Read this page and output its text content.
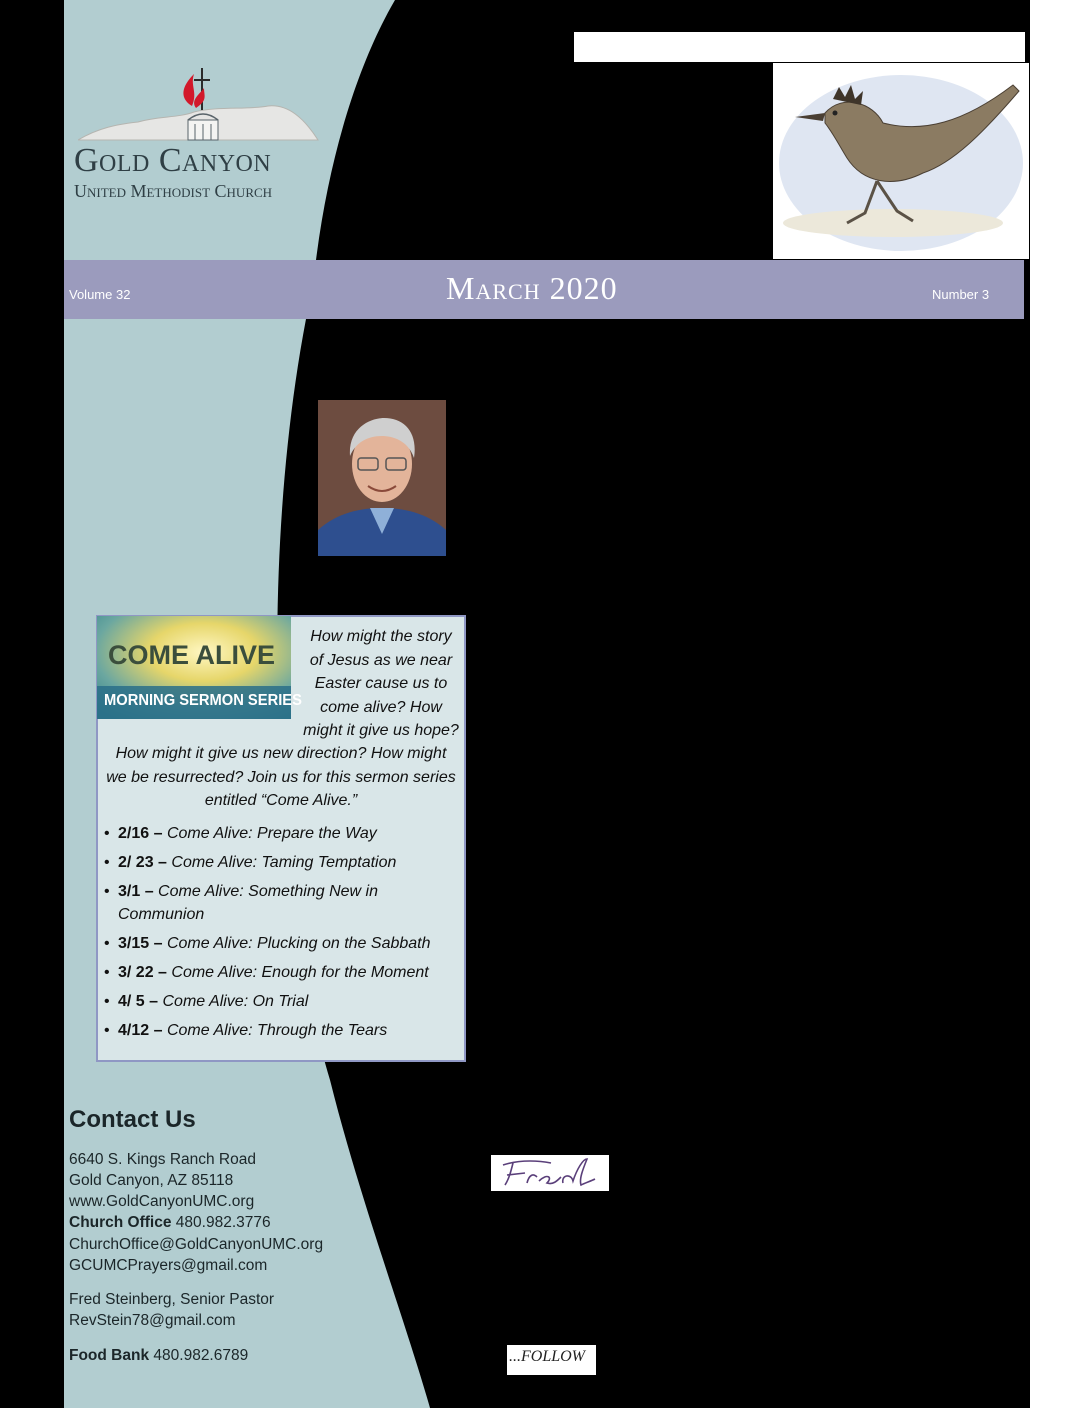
Gold Canyon
United Methodist Church
Volume 32	March 2020	Number 3
COME ALIVE
MORNING SERMON SERIES
How might the story
of Jesus as we near
Easter cause us to
come alive? How
might it give us hope?
How might it give us new direction? How might
we be resurrected? Join us for this sermon series
entitled “Come Alive.”
• 2/16 – Come Alive: Prepare the Way
• 2/ 23 – Come Alive: Taming Temptation
• 3/1 – Come Alive: Something New in Communion
• 3/15 – Come Alive: Plucking on the Sabbath
• 3/ 22 – Come Alive: Enough for the Moment
• 4/ 5 – Come Alive: On Trial
• 4/12 – Come Alive: Through the Tears
Contact Us
6640 S. Kings Ranch Road
Gold Canyon, AZ 85118
www.GoldCanyonUMC.org
Church Office 480.982.3776
ChurchOffice@GoldCanyonUMC.org
GCUMCPrayers@gmail.com
Fred Steinberg, Senior Pastor
RevStein78@gmail.com
Food Bank 480.982.6789	...FOLLOW
